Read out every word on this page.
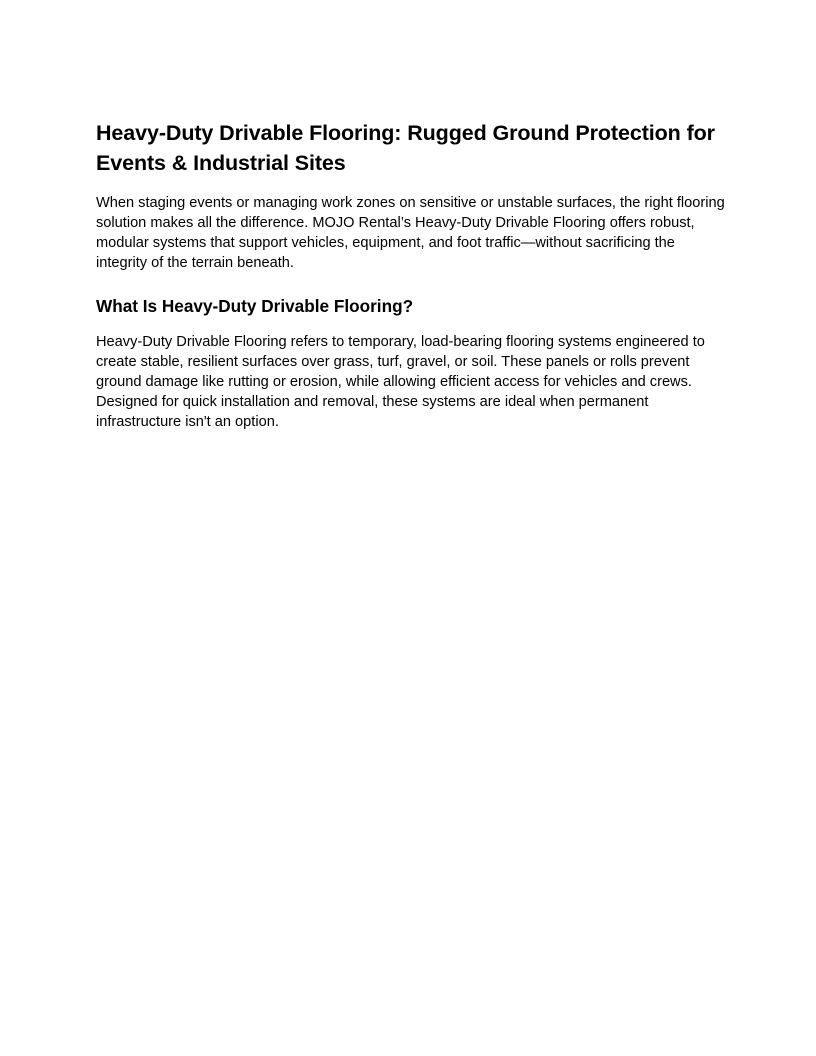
Heavy-Duty Drivable Flooring: Rugged Ground Protection for Events & Industrial Sites

When staging events or managing work zones on sensitive or unstable surfaces, the right flooring solution makes all the difference. MOJO Rental’s Heavy-Duty Drivable Flooring offers robust, modular systems that support vehicles, equipment, and foot traffic—without sacrificing the integrity of the terrain beneath.

What Is Heavy-Duty Drivable Flooring?

Heavy-Duty Drivable Flooring refers to temporary, load-bearing flooring systems engineered to create stable, resilient surfaces over grass, turf, gravel, or soil. These panels or rolls prevent ground damage like rutting or erosion, while allowing efficient access for vehicles and crews. Designed for quick installation and removal, these systems are ideal when permanent infrastructure isn't an option.
